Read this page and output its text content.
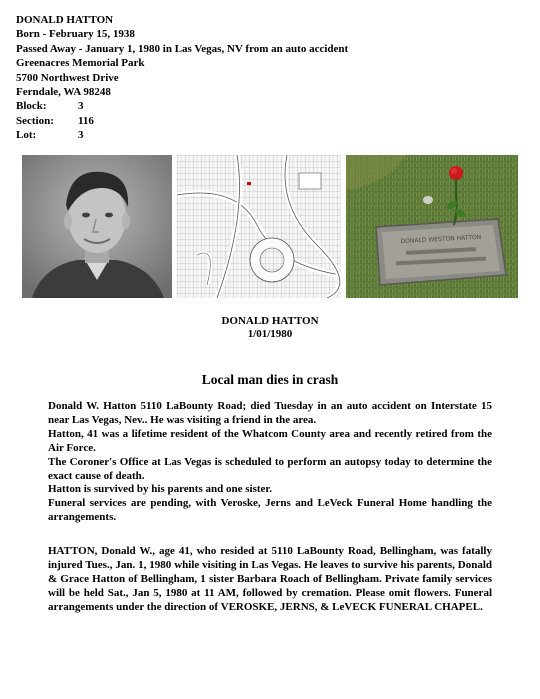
DONALD HATTON
Born - February 15, 1938
Passed Away - January 1, 1980 in Las Vegas, NV from an auto accident
Greenacres Memorial Park
5700 Northwest Drive
Ferndale, WA 98248
Block:	3
Section:	116
Lot:	3
DONALD WESTON HATTON
DONALD HATTON
1/01/1980
Local man dies in crash

Donald W. Hatton 5110 LaBounty Road; died Tuesday in an auto accident on Interstate 15 near Las Vegas, Nev.. He was visiting a friend in the area.

Hatton, 41 was a lifetime resident of the Whatcom County area and recently retired from the Air Force.

The Coroner's Office at Las Vegas is scheduled to perform an autopsy today to determine the exact cause of death.

Hatton is survived by his parents and one sister.

Funeral services are pending, with Veroske, Jerns and LeVeck Funeral Home handling the arrangements.

HATTON, Donald W., age 41, who resided at 5110 LaBounty Road, Bellingham, was fatally injured Tues., Jan. 1, 1980 while visiting in Las Vegas. He leaves to survive his parents, Donald & Grace Hatton of Bellingham, 1 sister Barbara Roach of Bellingham. Private family services will be held Sat., Jan 5, 1980 at 11 AM, followed by cremation. Please omit flowers. Funeral arrangements under the direction of VEROSKE, JERNS, & LeVECK FUNERAL CHAPEL.
